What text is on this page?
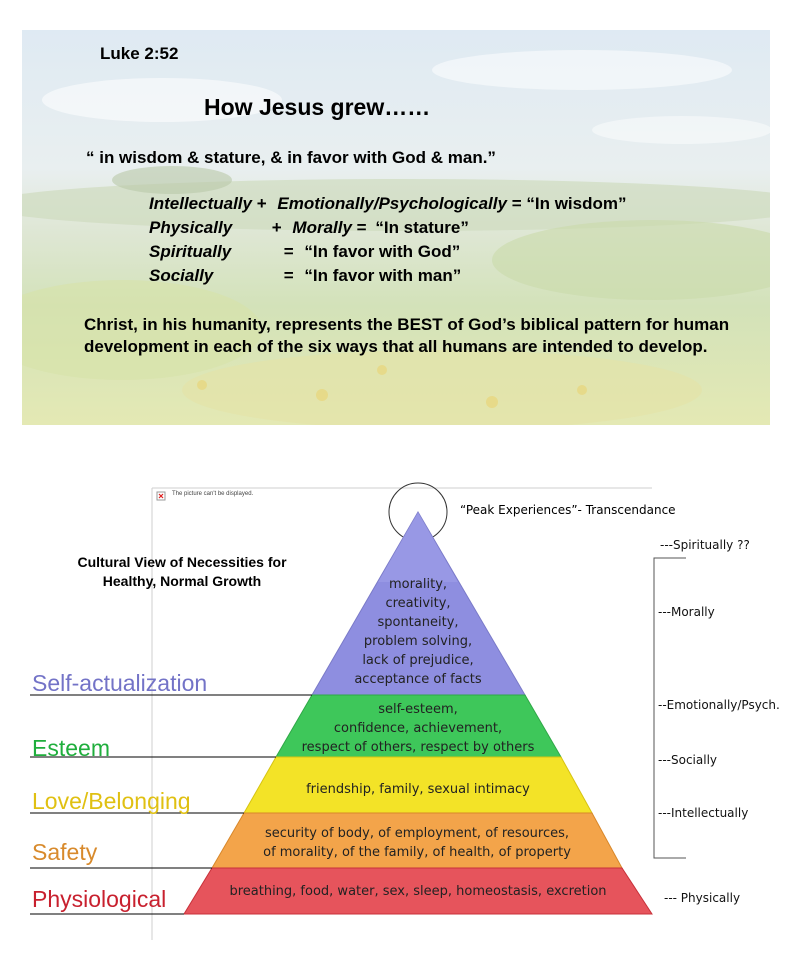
Luke 2:52
How Jesus grew……
“ in wisdom & stature, & in favor with God & man.”
Intellectually + Emotionally/Psychologically = “In wisdom”
Physically + Morally = “In stature”
Spiritually	= “In favor with God”
Socially	= “In favor with man”
Christ, in his humanity, represents the BEST of God’s biblical pattern for human development in each of the six ways that all humans are intended to develop.
The picture can't be displayed.
“Peak Experiences”- Transcendance
Cultural View of Necessities for
Healthy, Normal Growth
Self-actualization
Esteem
Love/Belonging
Safety
Physiological
morality,
creativity,
spontaneity,
problem solving,
lack of prejudice,
acceptance of facts
self-esteem,
confidence, achievement,
respect of others, respect by others
friendship, family, sexual intimacy
security of body, of employment, of resources,
of morality, of the family, of health, of property
breathing, food, water, sex, sleep, homeostasis, excretion
---Spiritually ??
---Morally
--Emotionally/Psych.
---Socially
---Intellectually
--- Physically
